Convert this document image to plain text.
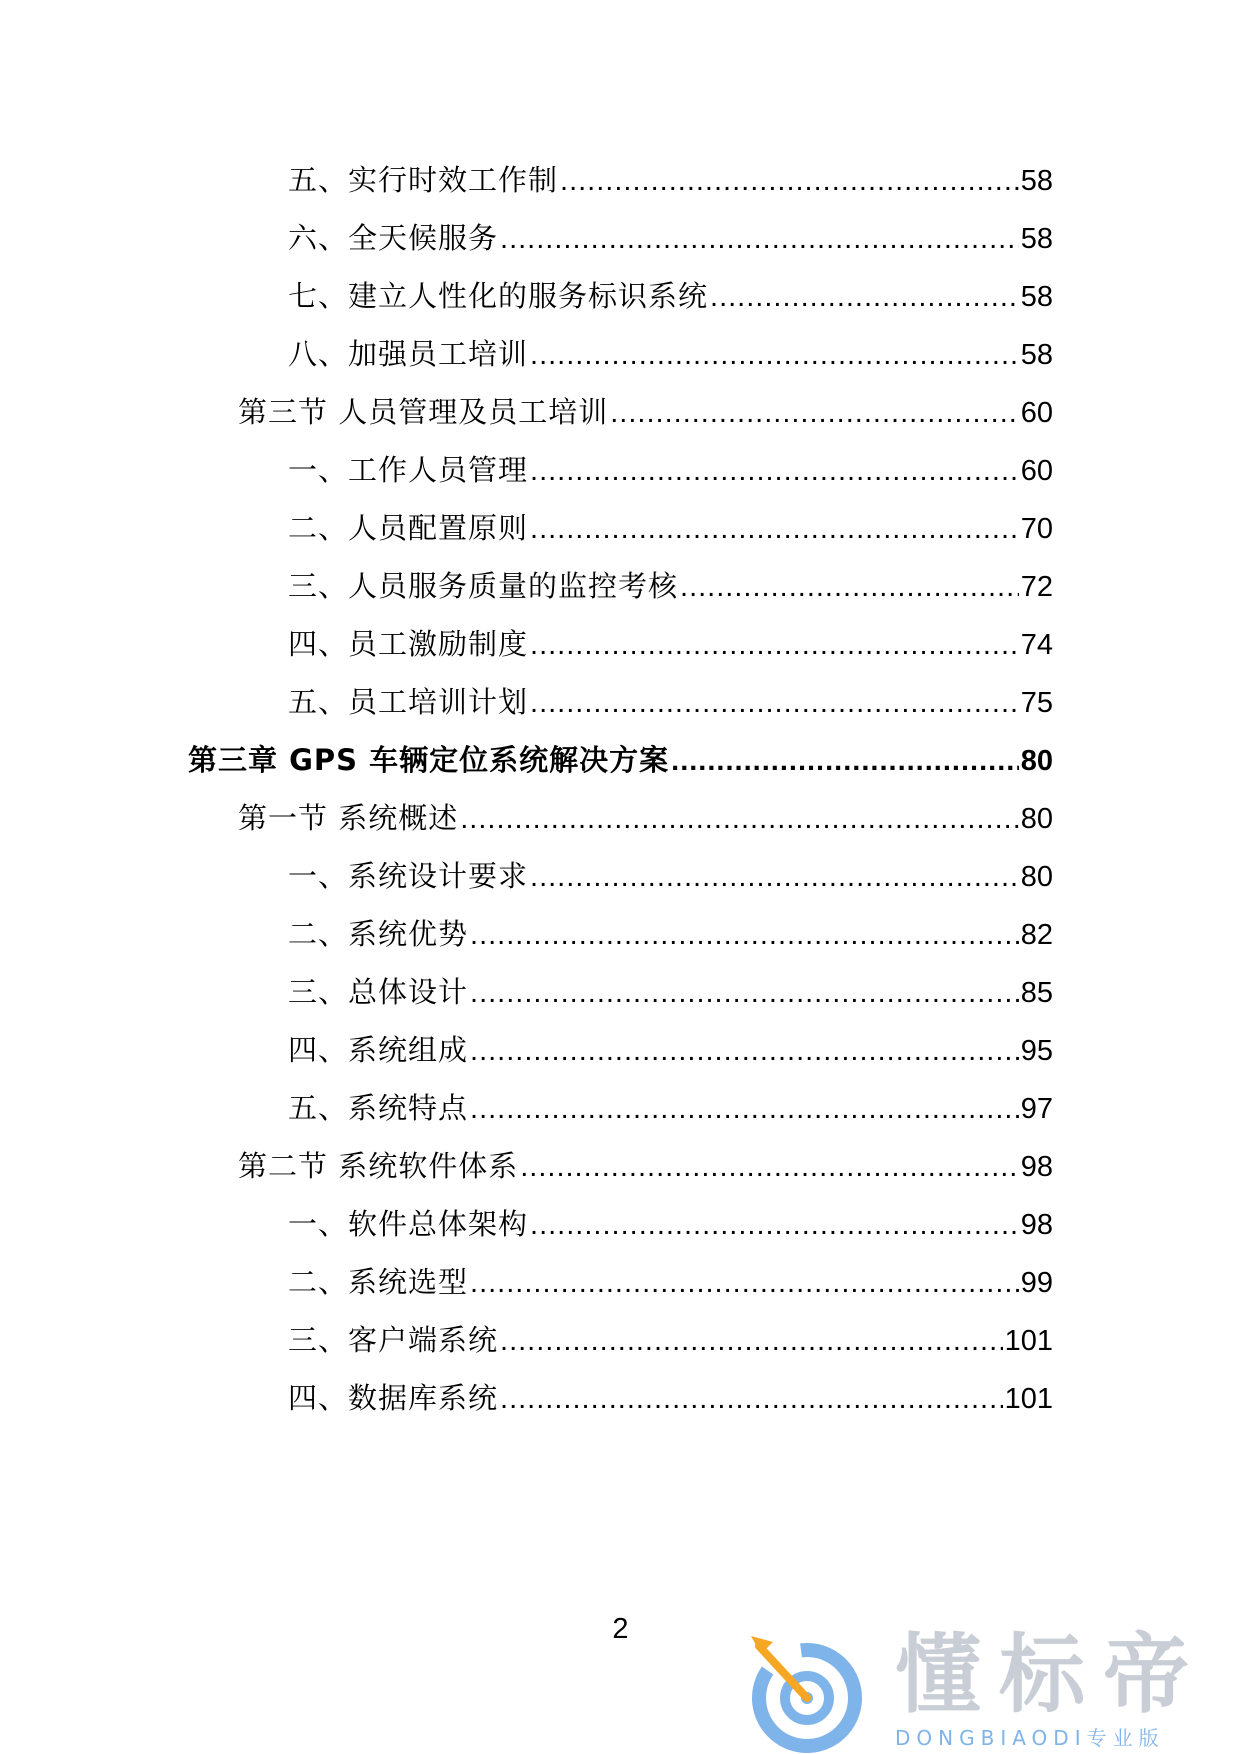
五、实行时效工作制 .....	58
六、全天候服务 .....	58
七、建立人性化的服务标识系统 .....	58
八、加强员工培训 .....	58
第三节 人员管理及员工培训 .....	60
一、工作人员管理 .....	60
二、人员配置原则 .....	70
三、人员服务质量的监控考核 .....	72
四、员工激励制度 .....	74
五、员工培训计划 .....	75
第三章 GPS 车辆定位系统解决方案 .....	80
第一节 系统概述 .....	80
一、系统设计要求 .....	80
二、系统优势 .....	82
三、总体设计 .....	85
四、系统组成 .....	95
五、系统特点 .....	97
第二节 系统软件体系 .....	98
一、软件总体架构 .....	98
二、系统选型 .....	99
三、客户端系统 .....	101
四、数据库系统 .....	101
2	懂标帝
DONGBIAODI专业版
